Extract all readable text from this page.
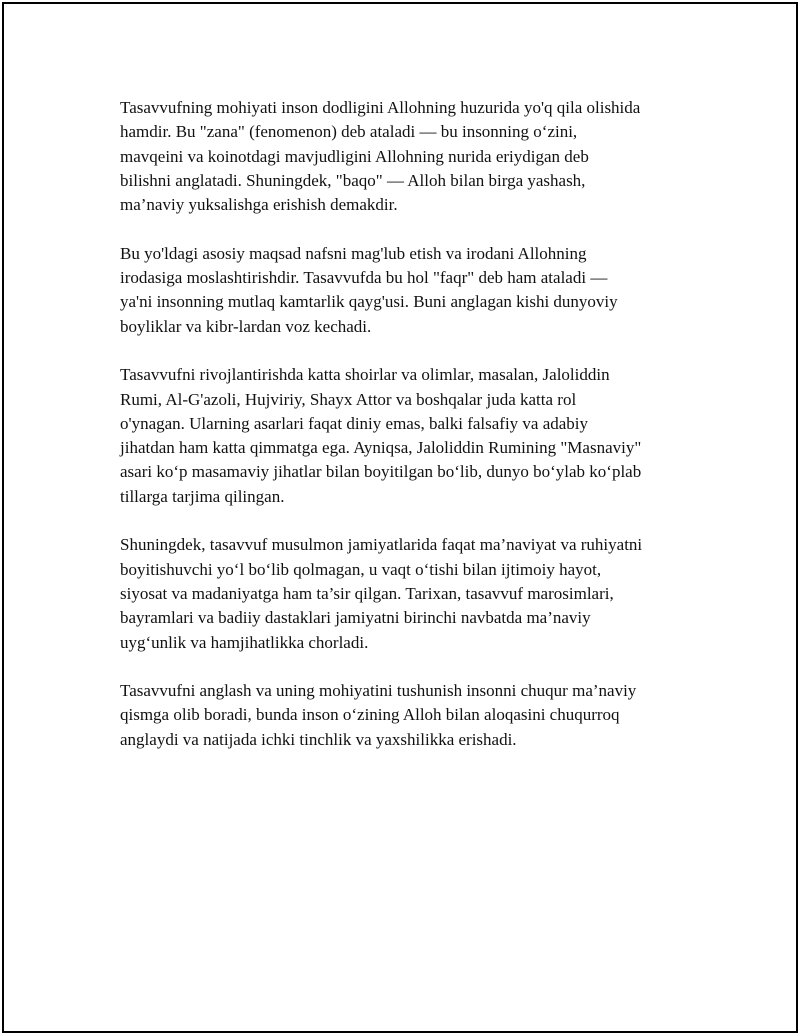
Tasavvufning mohiyati inson dodligini Allohning huzurida yo'q qila olishida
hamdir. Bu "zana" (fenomenon) deb ataladi — bu insonning o‘zini,
mavqeini va koinotdagi mavjudligini Allohning nurida eriydigan deb
bilishni anglatadi. Shuningdek, "baqo" — Alloh bilan birga yashash,
ma’naviy yuksalishga erishish demakdir.

Bu yo'ldagi asosiy maqsad nafsni mag'lub etish va irodani Allohning
irodasiga moslashtirishdir. Tasavvufda bu hol "faqr" deb ham ataladi —
ya'ni insonning mutlaq kamtarlik qayg'usi. Buni anglagan kishi dunyoviy
boyliklar va kibr-lardan voz kechadi.

Tasavvufni rivojlantirishda katta shoirlar va olimlar, masalan, Jaloliddin
Rumi, Al-G'azoli, Hujviriy, Shayx Attor va boshqalar juda katta rol
o'ynagan. Ularning asarlari faqat diniy emas, balki falsafiy va adabiy
jihatdan ham katta qimmatga ega. Ayniqsa, Jaloliddin Rumining "Masnaviy"
asari ko‘p masamaviy jihatlar bilan boyitilgan bo‘lib, dunyo bo‘ylab ko‘plab
tillarga tarjima qilingan.

Shuningdek, tasavvuf musulmon jamiyatlarida faqat ma’naviyat va ruhiyatni
boyitishuvchi yo‘l bo‘lib qolmagan, u vaqt o‘tishi bilan ijtimoiy hayot,
siyosat va madaniyatga ham ta’sir qilgan. Tarixan, tasavvuf marosimlari,
bayramlari va badiiy dastaklari jamiyatni birinchi navbatda ma’naviy
uyg‘unlik va hamjihatlikka chorladi.

Tasavvufni anglash va uning mohiyatini tushunish insonni chuqur ma’naviy
qismga olib boradi, bunda inson o‘zining Alloh bilan aloqasini chuqurroq
anglaydi va natijada ichki tinchlik va yaxshilikka erishadi.
